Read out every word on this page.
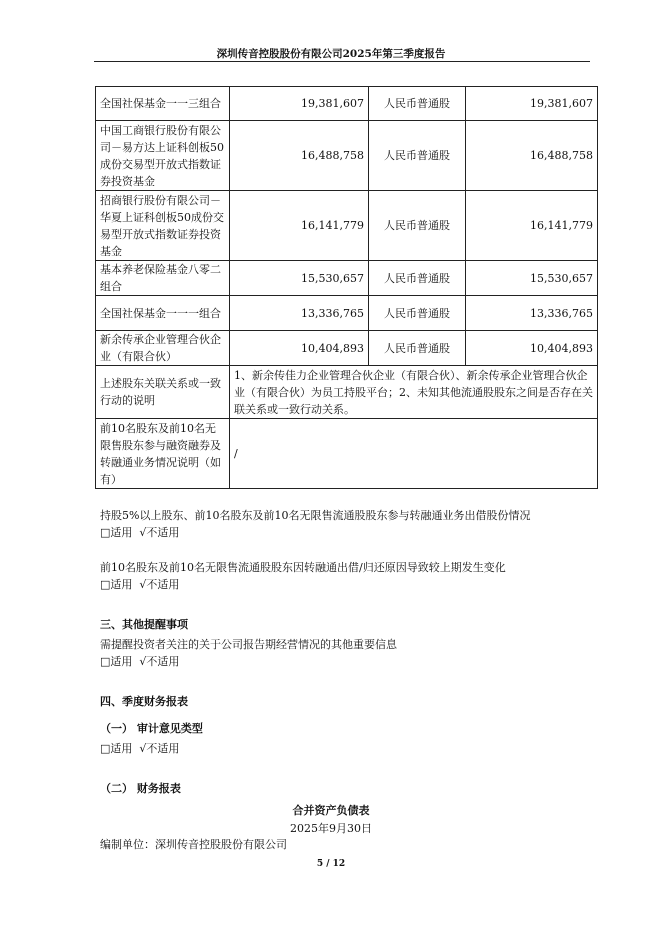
深圳传音控股股份有限公司2025年第三季度报告
全国社保基金一一三组合	19,381,607	人民币普通股	19,381,607
中国工商银行股份有限公司－易方达上证科创板50成份交易型开放式指数证券投资基金	16,488,758	人民币普通股	16,488,758
招商银行股份有限公司－华夏上证科创板50成份交易型开放式指数证券投资基金	16,141,779	人民币普通股	16,141,779
基本养老保险基金八零二组合	15,530,657	人民币普通股	15,530,657
全国社保基金一一一组合	13,336,765	人民币普通股	13,336,765
新余传承企业管理合伙企业（有限合伙）	10,404,893	人民币普通股	10,404,893
上述股东关联关系或一致行动的说明	1、新余传佳力企业管理合伙企业（有限合伙）、新余传承企业管理合伙企业（有限合伙）为员工持股平台；2、未知其他流通股股东之间是否存在关联关系或一致行动关系。		
前10名股东及前10名无限售股东参与融资融券及转融通业务情况说明（如有）	/		
持股5%以上股东、前10名股东及前10名无限售流通股股东参与转融通业务出借股份情况
□适用 √不适用
前10名股东及前10名无限售流通股股东因转融通出借/归还原因导致较上期发生变化
□适用 √不适用
三、其他提醒事项
需提醒投资者关注的关于公司报告期经营情况的其他重要信息
□适用 √不适用
四、季度财务报表
（一） 审计意见类型
□适用 √不适用
（二） 财务报表
合并资产负债表
2025年9月30日
编制单位：深圳传音控股股份有限公司
5 / 12
